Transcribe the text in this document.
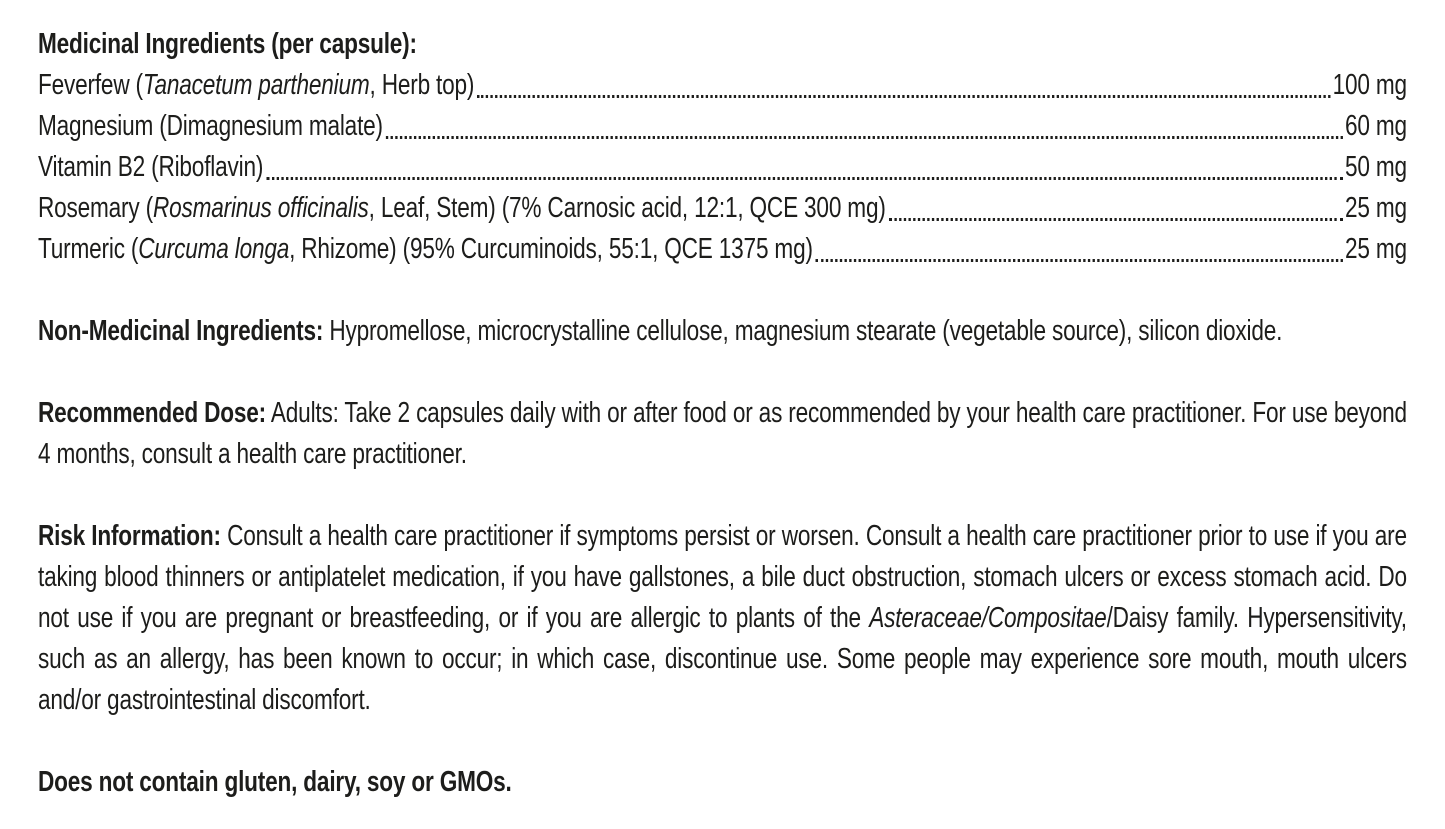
Medicinal Ingredients (per capsule):

Feverfew (Tanacetum parthenium, Herb top)	100 mg
Magnesium (Dimagnesium malate)	60 mg
Vitamin B2 (Riboflavin)	50 mg
Rosemary (Rosmarinus officinalis, Leaf, Stem) (7% Carnosic acid, 12:1, QCE 300 mg)	25 mg
Turmeric (Curcuma longa, Rhizome) (95% Curcuminoids, 55:1, QCE 1375 mg)	25 mg

Non-Medicinal Ingredients: Hypromellose, microcrystalline cellulose, magnesium stearate (vegetable source), silicon dioxide.

Recommended Dose: Adults: Take 2 capsules daily with or after food or as recommended by your health care practitioner. For use beyond 4 months, consult a health care practitioner.

Risk Information: Consult a health care practitioner if symptoms persist or worsen. Consult a health care practitioner prior to use if you are taking blood thinners or antiplatelet medication, if you have gallstones, a bile duct obstruction, stomach ulcers or excess stomach acid. Do not use if you are pregnant or breastfeeding, or if you are allergic to plants of the Asteraceae/Compositae/Daisy family. Hypersensitivity, such as an allergy, has been known to occur; in which case, discontinue use. Some people may experience sore mouth, mouth ulcers and/or gastrointestinal discomfort.

Does not contain gluten, dairy, soy or GMOs.
